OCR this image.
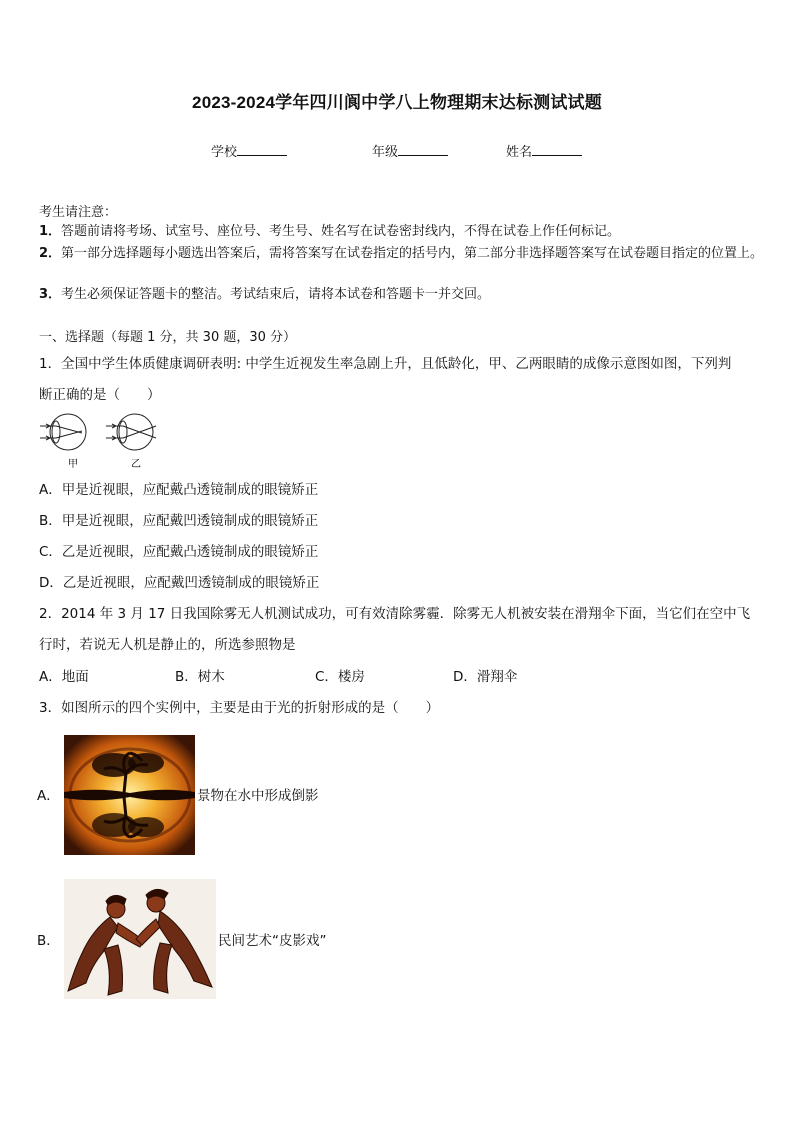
2023-2024学年四川阆中学八上物理期末达标测试试题
学校	年级	姓名
考生请注意：
1．答题前请将考场、试室号、座位号、考生号、姓名写在试卷密封线内，不得在试卷上作任何标记。
2．第一部分选择题每小题选出答案后，需将答案写在试卷指定的括号内，第二部分非选择题答案写在试卷题目指定的位置上。
3．考生必须保证答题卡的整洁。考试结束后，请将本试卷和答题卡一并交回。
一、选择题（每题 1 分，共 30 题，30 分）
1．全国中学生体质健康调研表明: 中学生近视发生率急剧上升，且低龄化，甲、乙两眼睛的成像示意图如图，下列判
断正确的是（　　）
甲	乙
A．甲是近视眼，应配戴凸透镜制成的眼镜矫正
B．甲是近视眼，应配戴凹透镜制成的眼镜矫正
C．乙是近视眼，应配戴凸透镜制成的眼镜矫正
D．乙是近视眼，应配戴凹透镜制成的眼镜矫正
2．2014 年 3 月 17 日我国除雾无人机测试成功，可有效清除雾霾．除雾无人机被安装在滑翔伞下面，当它们在空中飞
行时，若说无人机是静止的，所选参照物是
A．地面	B．树木	C．楼房	D．滑翔伞
3．如图所示的四个实例中，主要是由于光的折射形成的是（　　）
A．	景物在水中形成倒影
B．	民间艺术“皮影戏”
